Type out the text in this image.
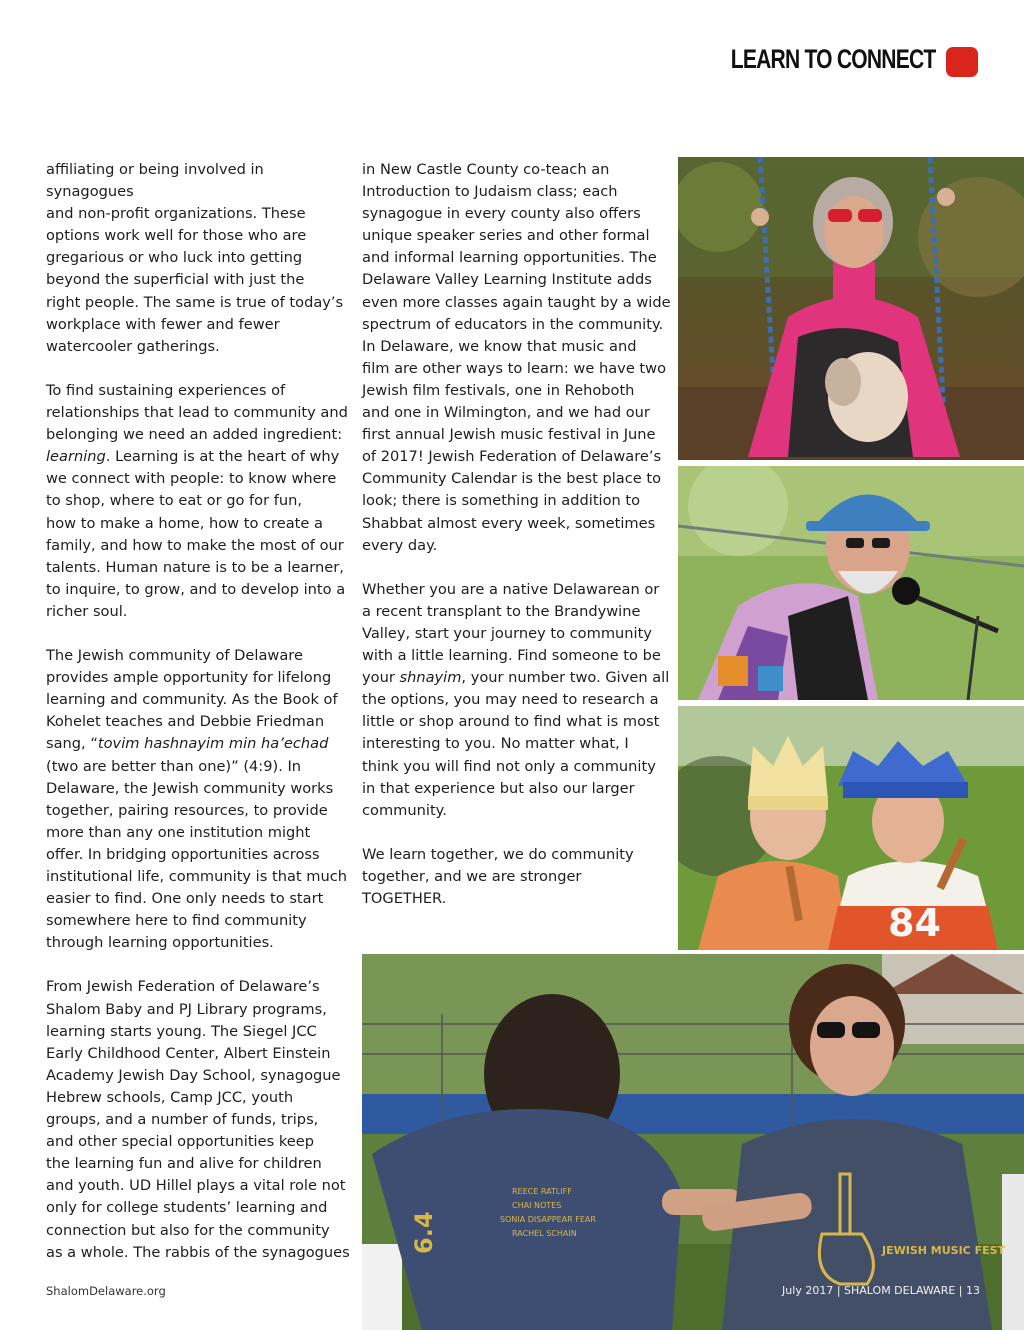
LEARN TO CONNECT

affiliating or being involved in synagogues
and non-profit organizations. These
options work well for those who are
gregarious or who luck into getting
beyond the superficial with just the
right people. The same is true of today’s
workplace with fewer and fewer
watercooler gatherings.

To find sustaining experiences of
relationships that lead to community and
belonging we need an added ingredient:
learning. Learning is at the heart of why
we connect with people: to know where
to shop, where to eat or go for fun,
how to make a home, how to create a
family, and how to make the most of our
talents. Human nature is to be a learner,
to inquire, to grow, and to develop into a
richer soul.

The Jewish community of Delaware
provides ample opportunity for lifelong
learning and community. As the Book of
Kohelet teaches and Debbie Friedman
sang, “tovim hashnayim min ha’echad
(two are better than one)” (4:9). In
Delaware, the Jewish community works
together, pairing resources, to provide
more than any one institution might
offer. In bridging opportunities across
institutional life, community is that much
easier to find. One only needs to start
somewhere here to find community
through learning opportunities.

From Jewish Federation of Delaware’s
Shalom Baby and PJ Library programs,
learning starts young. The Siegel JCC
Early Childhood Center, Albert Einstein
Academy Jewish Day School, synagogue
Hebrew schools, Camp JCC, youth
groups, and a number of funds, trips,
and other special opportunities keep
the learning fun and alive for children
and youth. UD Hillel plays a vital role not
only for college students’ learning and
connection but also for the community
as a whole. The rabbis of the synagogues

in New Castle County co-teach an
Introduction to Judaism class; each
synagogue in every county also offers
unique speaker series and other formal
and informal learning opportunities. The
Delaware Valley Learning Institute adds
even more classes again taught by a wide
spectrum of educators in the community.
In Delaware, we know that music and
film are other ways to learn: we have two
Jewish film festivals, one in Rehoboth
and one in Wilmington, and we had our
first annual Jewish music festival in June
of 2017! Jewish Federation of Delaware’s
Community Calendar is the best place to
look; there is something in addition to
Shabbat almost every week, sometimes
every day.

Whether you are a native Delawarean or
a recent transplant to the Brandywine
Valley, start your journey to community
with a little learning. Find someone to be
your shnayim, your number two. Given all
the options, you may need to research a
little or shop around to find what is most
interesting to you. No matter what, I
think you will find not only a community
in that experience but also our larger
community.

We learn together, we do community
together, and we are stronger
TOGETHER.

84
6.4
REECE RATLIFF
CHAI NOTES
SONIA DISAPPEAR FEAR
RACHEL SCHAIN
JEWISH MUSIC FEST
ShalomDelaware.org	July 2017 | SHALOM DELAWARE | 13
